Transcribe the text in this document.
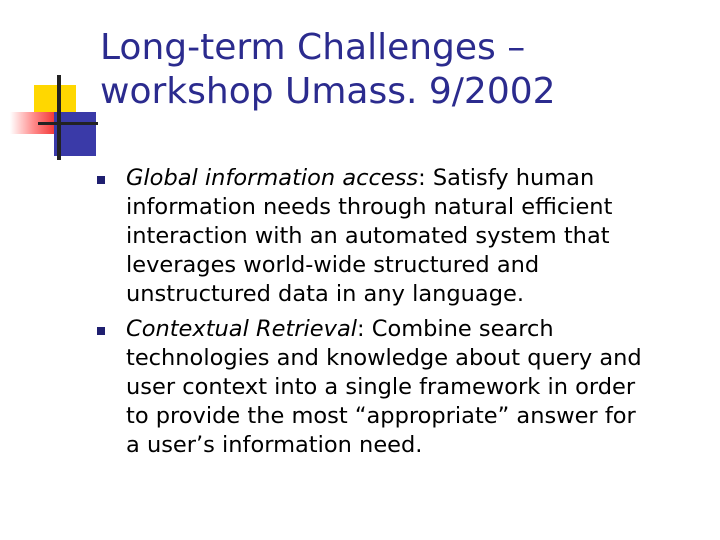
Long-term Challenges –
workshop Umass. 9/2002
Global information access: Satisfy human
information needs through natural efficient
interaction with an automated system that
leverages world-wide structured and
unstructured data in any language.
Contextual Retrieval: Combine search
technologies and knowledge about query and
user context into a single framework in order
to provide the most “appropriate” answer for
a user’s information need.
